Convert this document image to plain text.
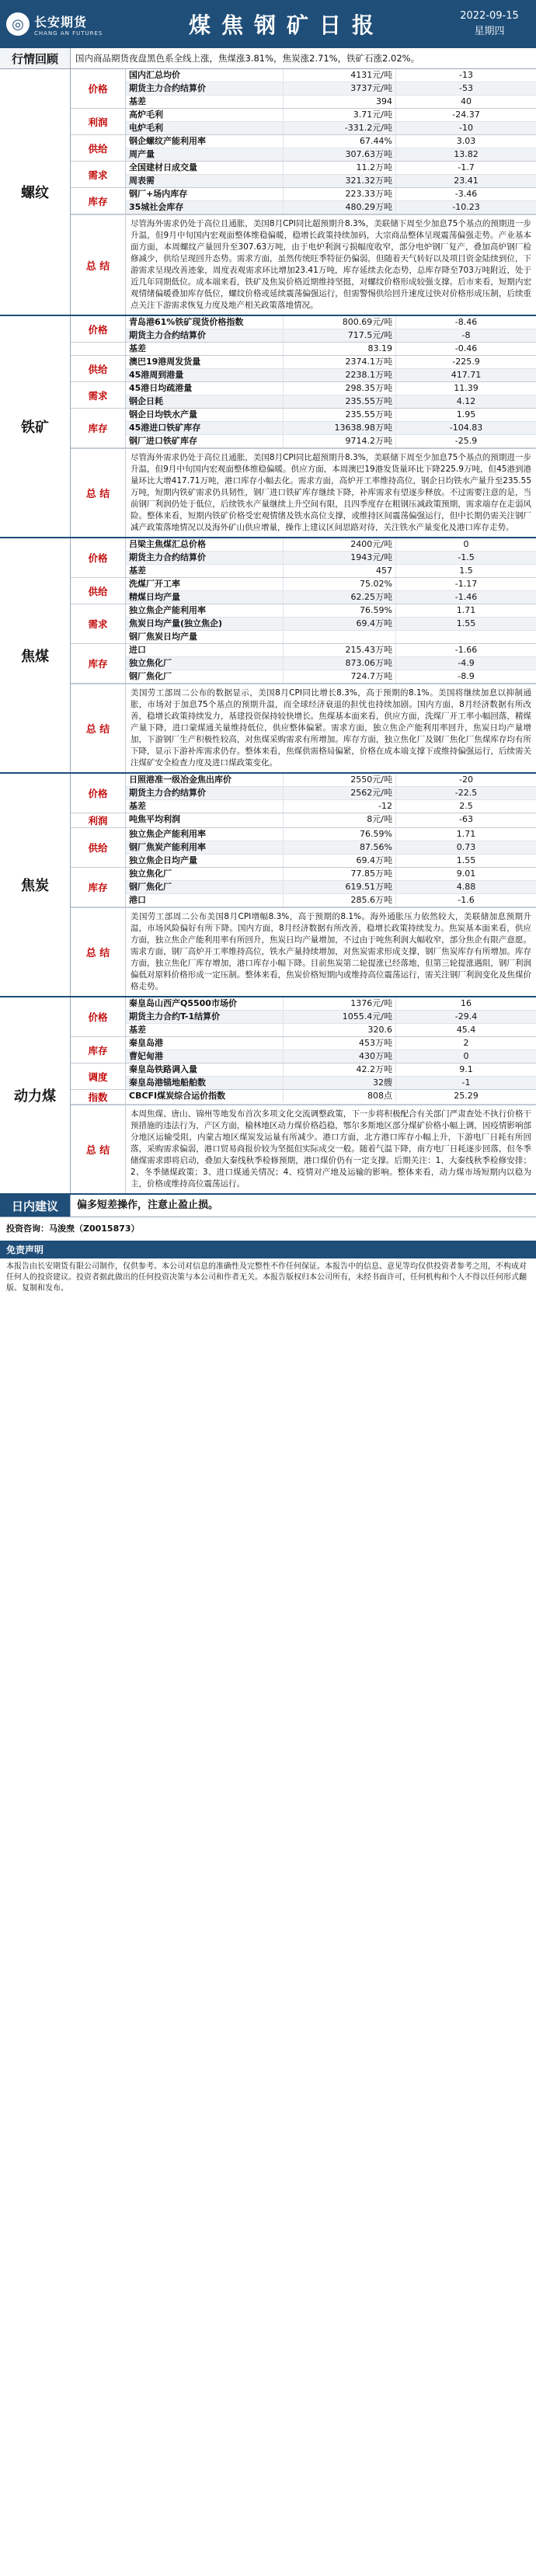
◎ 长安期货
CHANG AN FUTURES	煤焦钢矿日报	2022-09-15
星期四
行情回顾	国内商品期货夜盘黑色系全线上涨，焦煤涨3.81%，焦炭涨2.71%，铁矿石涨2.02%。
螺纹
价格
国内汇总均价	4131元/吨	-13
期货主力合约结算价	3737元/吨	-53
基差	394	40
利润
高炉毛利	3.71元/吨	-24.37
电炉毛利	-331.2元/吨	-10
供给
钢企螺纹产能利用率	67.44%	3.03
周产量	307.63万吨	13.82
需求
全国建材日成交量	11.2万吨	-1.7
周表需	321.32万吨	23.41
库存
钢厂+场内库存	223.33万吨	-3.46
35城社会库存	480.29万吨	-10.23
总 结
尽管海外需求仍处于高位且通胀，美国8月CPI同比超预期升8.3%，美联储下周至少加息75个基点的预期进一步升温，但9月中旬国内宏观面整体维稳偏暖，稳增长政策持续加码，大宗商品整体呈现震荡偏强走势。产业基本面方面，本周螺纹产量回升至307.63万吨，由于电炉利润亏损幅度收窄，部分电炉钢厂复产，叠加高炉钢厂检修减少，供给呈现回升态势。需求方面，虽然传统旺季特征仍偏弱，但随着天气转好以及项目资金陆续到位，下游需求呈现改善迹象，周度表观需求环比增加23.41万吨，库存延续去化态势，总库存降至703万吨附近，处于近几年同期低位。成本端来看，铁矿及焦炭价格近期维持坚挺，对螺纹价格形成较强支撑。后市来看，短期内宏观情绪偏暖叠加库存低位，螺纹价格或延续震荡偏强运行，但需警惕供给回升速度过快对价格形成压制，后续重点关注下游需求恢复力度及地产相关政策落地情况。
铁矿
价格
青岛港61%铁矿现货价格指数	800.69元/吨	-8.46
期货主力合约结算价	717.5元/吨	-8
基差	83.19	-0.46
供给
澳巴19港周发货量	2374.1万吨	-225.9
45港周到港量	2238.1万吨	417.71
需求
45港日均疏港量	298.35万吨	11.39
钢企日耗	235.55万吨	4.12
库存
钢企日均铁水产量	235.55万吨	1.95
45港进口铁矿库存	13638.98万吨	-104.83
钢厂进口铁矿库存	9714.2万吨	-25.9
总 结
尽管海外需求仍处于高位且通胀，美国8月CPI同比超预期升8.3%，美联储下周至少加息75个基点的预期进一步升温，但9月中旬国内宏观面整体维稳偏暖。供应方面，本周澳巴19港发货量环比下降225.9万吨，但45港到港量环比大增417.71万吨，港口库存小幅去化。需求方面，高炉开工率维持高位，钢企日均铁水产量升至235.55万吨，短期内铁矿需求仍具韧性，钢厂进口铁矿库存继续下降，补库需求有望逐步释放。不过需要注意的是，当前钢厂利润仍处于低位，后续铁水产量继续上升空间有限，且四季度存在粗钢压减政策预期，需求端存在走弱风险。整体来看，短期内铁矿价格受宏观情绪及铁水高位支撑，或维持区间震荡偏强运行，但中长期仍需关注钢厂减产政策落地情况以及海外矿山供应增量，操作上建议区间思路对待，关注铁水产量变化及港口库存走势。
焦煤
价格
吕梁主焦煤汇总价格	2400元/吨	0
期货主力合约结算价	1943元/吨	-1.5
基差	457	1.5
供给
洗煤厂开工率	75.02%	-1.17
精煤日均产量	62.25万吨	-1.46
需求
独立焦企产能利用率	76.59%	1.71
焦炭日均产量(独立焦企)	69.4万吨	1.55
钢厂焦炭日均产量
库存
进口	215.43万吨	-1.66
独立焦化厂	873.06万吨	-4.9
钢厂焦化厂	724.7万吨	-8.9
总 结
美国劳工部周二公布的数据显示，美国8月CPI同比增长8.3%，高于预期的8.1%。美国将继续加息以抑制通胀，市场对于加息75个基点的预期升温，而全球经济衰退的担忧也持续加剧。国内方面，8月经济数据有所改善，稳增长政策持续发力，基建投资保持较快增长。焦煤基本面来看，供应方面，洗煤厂开工率小幅回落，精煤产量下降，进口蒙煤通关量维持低位，供应整体偏紧。需求方面，独立焦企产能利用率回升，焦炭日均产量增加，下游钢厂生产积极性较高，对焦煤采购需求有所增加。库存方面，独立焦化厂及钢厂焦化厂焦煤库存均有所下降，显示下游补库需求仍存。整体来看，焦煤供需格局偏紧，价格在成本端支撑下或维持偏强运行，后续需关注煤矿安全检查力度及进口煤政策变化。
焦炭
价格
日照港准一级冶金焦出库价	2550元/吨	-20
期货主力合约结算价	2562元/吨	-22.5
基差	-12	2.5
利润	吨焦平均利润	8元/吨	-63
供给
独立焦企产能利用率	76.59%	1.71
钢厂焦炭产能利用率	87.56%	0.73
独立焦企日均产量	69.4万吨	1.55
库存
独立焦化厂	77.85万吨	9.01
钢厂焦化厂	619.51万吨	4.88
港口	285.6万吨	-1.6
总 结
美国劳工部周二公布美国8月CPI增幅8.3%，高于预期的8.1%。海外通胀压力依然较大，美联储加息预期升温，市场风险偏好有所下降。国内方面，8月经济数据有所改善，稳增长政策持续发力。焦炭基本面来看，供应方面，独立焦企产能利用率有所回升，焦炭日均产量增加，不过由于吨焦利润大幅收窄，部分焦企有限产意愿。需求方面，钢厂高炉开工率维持高位，铁水产量持续增加，对焦炭需求形成支撑，钢厂焦炭库存有所增加。库存方面，独立焦化厂库存增加，港口库存小幅下降。目前焦炭第二轮提涨已经落地，但第三轮提涨遇阻，钢厂利润偏低对原料价格形成一定压制。整体来看，焦炭价格短期内或维持高位震荡运行，需关注钢厂利润变化及焦煤价格走势。
动力煤
价格
秦皇岛山西产Q5500市场价	1376元/吨	16
期货主力合约T-1结算价	1055.4元/吨	-29.4
基差	320.6	45.4
库存
秦皇岛港	453万吨	2
曹妃甸港	430万吨	0
调度
秦皇岛铁路调入量	42.2万吨	9.1
秦皇岛港锚地船舶数	32艘	-1
指数	CBCFI煤炭综合运价指数	808点	25.29
总 结
本周焦煤、唐山、锦州等地发布首次多项文化交流调整政策，下一步将积极配合有关部门严肃查处不执行价格干预措施的违法行为，产区方面，榆林地区动力煤价格趋稳，鄂尔多斯地区部分煤矿价格小幅上调，因疫情影响部分地区运输受阻，内蒙古地区煤炭发运量有所减少。港口方面，北方港口库存小幅上升，下游电厂日耗有所回落，采购需求偏弱，港口贸易商报价较为坚挺但实际成交一般。随着气温下降，南方电厂日耗逐步回落，但冬季储煤需求即将启动，叠加大秦线秋季检修预期，港口煤价仍有一定支撑。后期关注：1、大秦线秋季检修安排；2、冬季储煤政策；3、进口煤通关情况；4、疫情对产地及运输的影响。整体来看，动力煤市场短期内以稳为主，价格或维持高位震荡运行。
日内建议	偏多短差操作，注意止盈止损。
投资咨询：马浚焘（Z0015873）
免责声明
本报告由长安期货有限公司制作，仅供参考。本公司对信息的准确性及完整性不作任何保证。本报告中的信息、意见等均仅供投资者参考之用，不构成对任何人的投资建议。投资者据此做出的任何投资决策与本公司和作者无关。本报告版权归本公司所有，未经书面许可，任何机构和个人不得以任何形式翻版、复制和发布。
